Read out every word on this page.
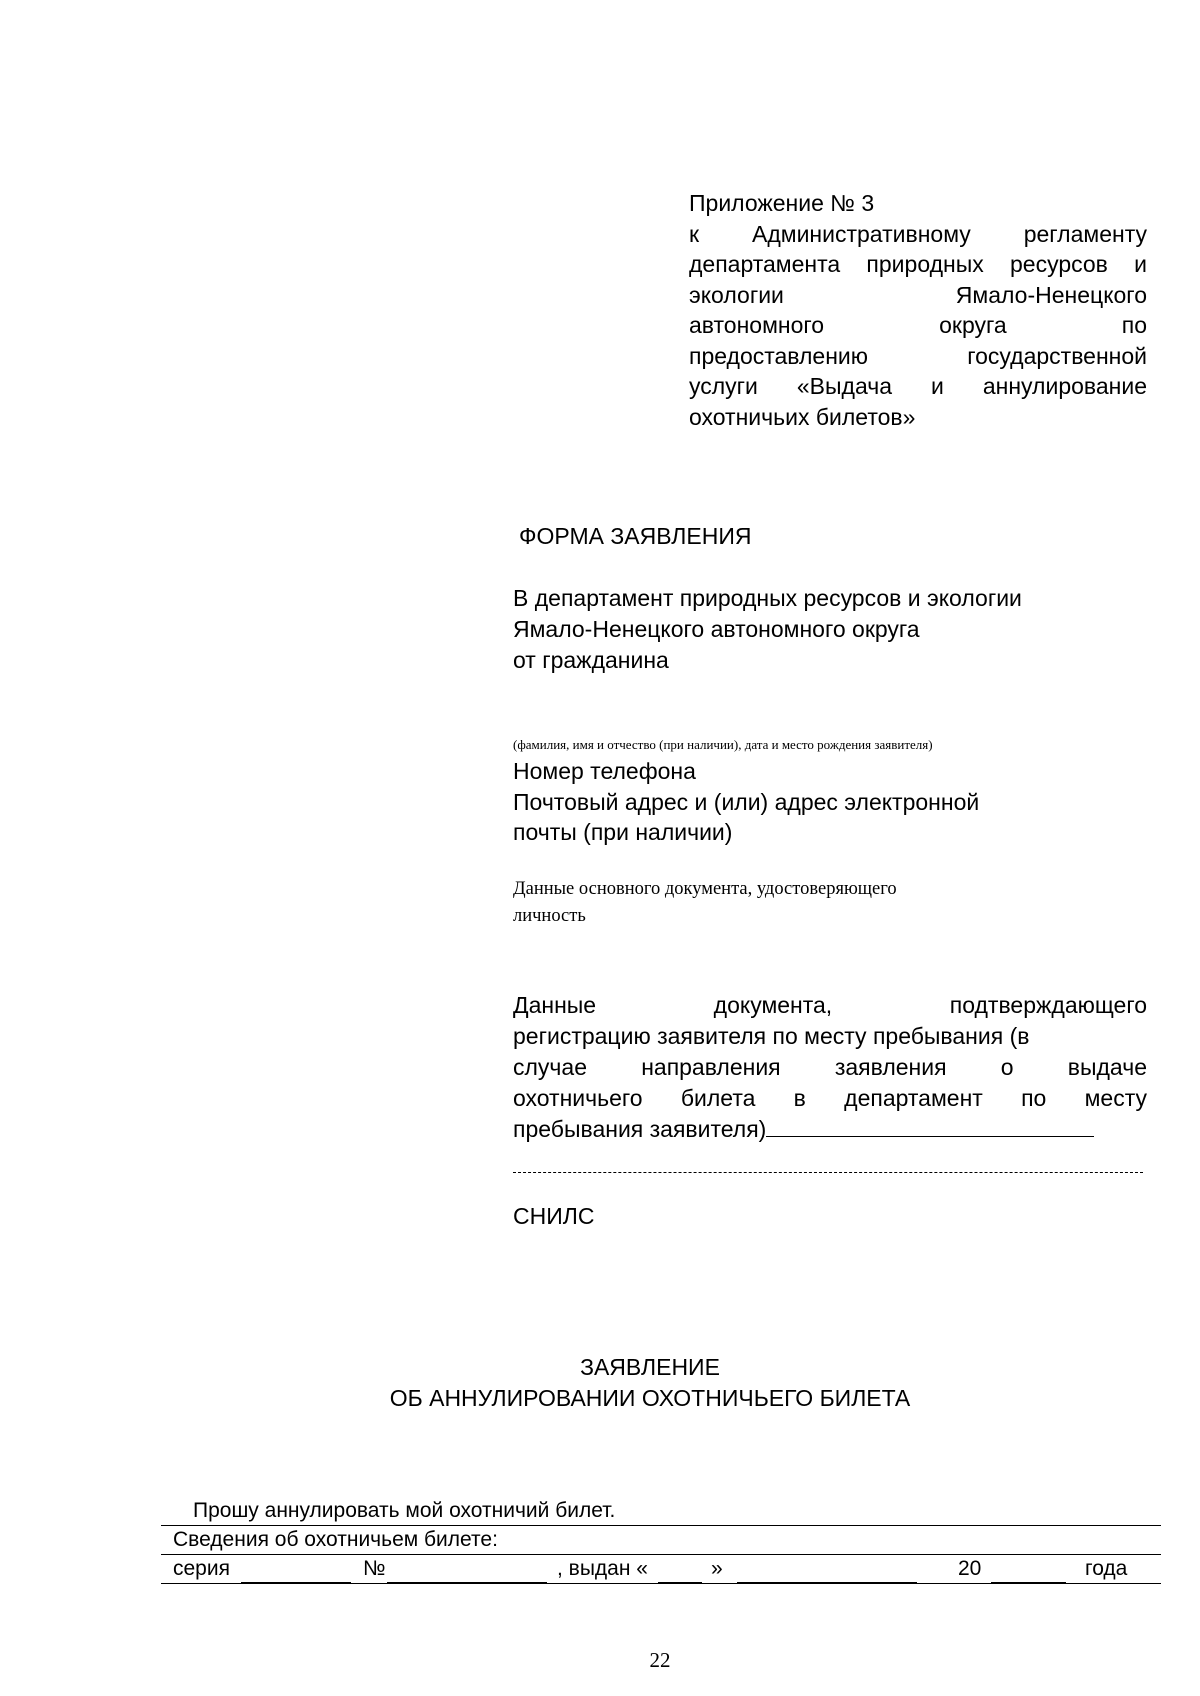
Приложение № 3
к Административному регламенту
департамента природных ресурсов и
экологии Ямало-Ненецкого
автономного округа по
предоставлению государственной
услуги «Выдача и аннулирование
охотничьих билетов»
ФОРМА ЗАЯВЛЕНИЯ
В департамент природных ресурсов и экологии
Ямало-Ненецкого автономного округа
от гражданина
(фамилия, имя и отчество (при наличии), дата и место рождения заявителя)
Номер телефона
Почтовый адрес и (или) адрес электронной
почты (при наличии)
Данные основного документа, удостоверяющего
личность
Данные документа, подтверждающего
регистрацию заявителя по месту пребывания (в
случае направления заявления о выдаче
охотничьего билета в департамент по месту
пребывания заявителя)
СНИЛС
ЗАЯВЛЕНИЕ
ОБ АННУЛИРОВАНИИ ОХОТНИЧЬЕГО БИЛЕТА
Прошу аннулировать мой охотничий билет.
Сведения об охотничьем билете:
серия	№	, выдан «	»	20	года
22
